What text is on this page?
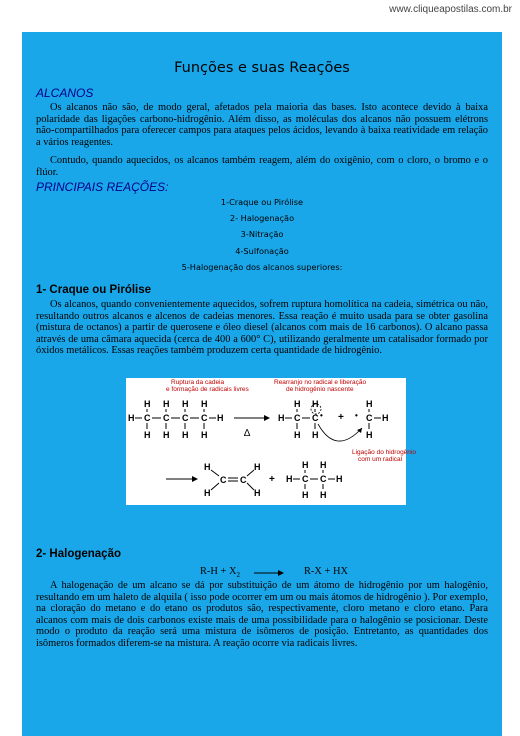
www.cliqueapostilas.com.br
Funções e suas Reações
ALCANOS

Os alcanos não são, de modo geral, afetados pela maioria das bases. Isto acontece devido à baixa polaridade das ligações carbono-hidrogênio. Além disso, as moléculas dos alcanos não possuem elétrons não-compartilhados para oferecer campos para ataques pelos ácidos, levando à baixa reatividade em relação a vários reagentes.

Contudo, quando aquecidos, os alcanos também reagem, além do oxigênio, com o cloro, o bromo e o flúor.

PRINCIPAIS REAÇÕES:
1-Craque ou Pirólise
2- Halogenação
3-Nitração
4-Sulfonação
5-Halogenação dos alcanos superiores:
1- Craque ou Pirólise

Os alcanos, quando convenientemente aquecidos, sofrem ruptura homolítica na cadeia, simétrica ou não, resultando outros alcanos e alcenos de cadeias menores. Essa reação é muito usada para se obter gasolina (mistura de octanos) a partir de querosene e óleo diesel (alcanos com mais de 16 carbonos). O alcano passa através de uma câmara aquecida (cerca de 400 a 600° C), utilizando geralmente um catalisador formado por óxidos metálicos. Essas reações também produzem certa quantidade de hidrogênio.

Ruptura da cadeia
e formação de radicais livres
Rearranjo no radical e liberação
de hidrogênio nascente
Ligação do hidrogênio
com um radical
H H H H
H C C C C H
H H H H	∆
H H
H C C •
H H
+
H
• C H
H
H	H
C C
H	H
+
H H
H C C H
H H
2- Halogenação
$R-H + X_2$	R-X + HX

A halogenação de um alcano se dá por substituição de um átomo de hidrogênio por um halogênio, resultando em um haleto de alquila ( isso pode ocorrer em um ou mais átomos de hidrogênio ). Por exemplo, na cloração do metano e do etano os produtos são, respectivamente, cloro metano e cloro etano. Para alcanos com mais de dois carbonos existe mais de uma possibilidade para o halogênio se posicionar. Deste modo o produto da reação será uma mistura de isômeros de posição. Entretanto, as quantidades dos isômeros formados diferem-se na mistura. A reação ocorre via radicais livres.
